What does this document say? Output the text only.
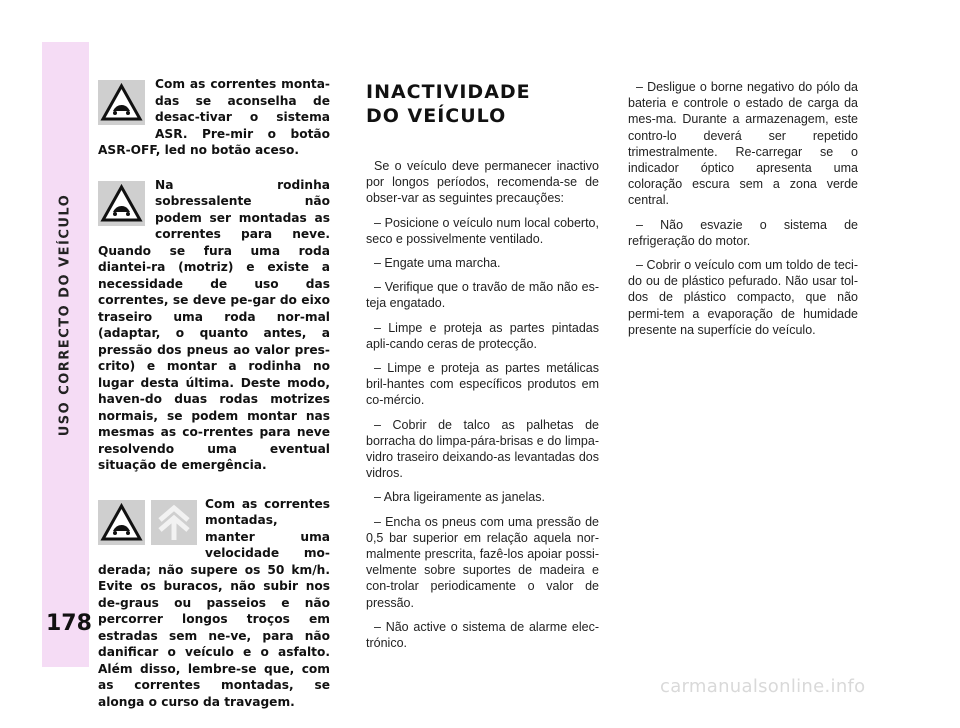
USO CORRECTO DO VEÍCULO
178
Com as correntes monta-das se aconselha de desac-tivar o sistema ASR. Pre-mir o botão ASR-OFF, led no botão aceso.
Na rodinha sobressalente não podem ser montadas as correntes para neve. Quando se fura uma roda diantei-ra (motriz) e existe a necessidade de uso das correntes, se deve pe-gar do eixo traseiro uma roda nor-mal (adaptar, o quanto antes, a pressão dos pneus ao valor pres-crito) e montar a rodinha no lugar desta última. Deste modo, haven-do duas rodas motrizes normais, se podem montar nas mesmas as co-rrentes para neve resolvendo uma eventual situação de emergência.
Com as correntes montadas, manter uma velocidade mo-derada; não supere os 50 km/h. Evite os buracos, não subir nos de-graus ou passeios e não percorrer longos troços em estradas sem ne-ve, para não danificar o veículo e o asfalto. Além disso, lembre-se que, com as correntes montadas, se alonga o curso da travagem.
INACTIVIDADE
DO VEÍCULO

Se o veículo deve permanecer inactivo por longos períodos, recomenda-se de obser-var as seguintes precauções:

– Posicione o veículo num local coberto, seco e possivelmente ventilado.

– Engate uma marcha.

– Verifique que o travão de mão não es-teja engatado.

– Limpe e proteja as partes pintadas apli-cando ceras de protecção.

– Limpe e proteja as partes metálicas bril-hantes com específicos produtos em co-mércio.

– Cobrir de talco as palhetas de borracha do limpa-pára-brisas e do limpa-vidro traseiro deixando-as levantadas dos vidros.

– Abra ligeiramente as janelas.

– Encha os pneus com uma pressão de 0,5 bar superior em relação aquela nor-malmente prescrita, fazê-los apoiar possi-velmente sobre suportes de madeira e con-trolar periodicamente o valor de pressão.

– Não active o sistema de alarme elec-trónico.

– Desligue o borne negativo do pólo da bateria e controle o estado de carga da mes-ma. Durante a armazenagem, este contro-lo deverá ser repetido trimestralmente. Re-carregar se o indicador óptico apresenta uma coloração escura sem a zona verde central.

– Não esvazie o sistema de refrigeração do motor.

– Cobrir o veículo com um toldo de teci-do ou de plástico pefurado. Não usar tol-dos de plástico compacto, que não permi-tem a evaporação de humidade presente na superfície do veículo.

carmanualsonline.info
